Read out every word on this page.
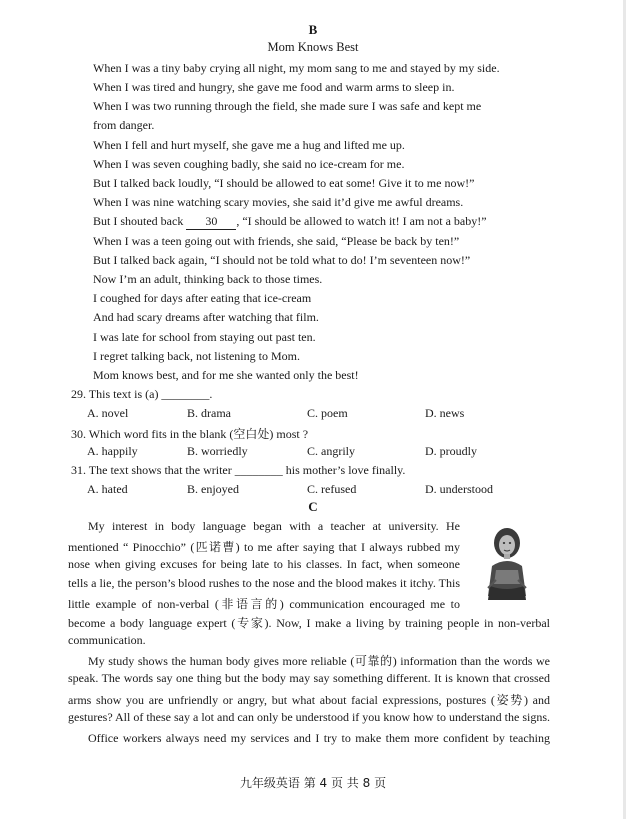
B
Mom Knows Best
When I was a tiny baby crying all night, my mom sang to me and stayed by my side.
When I was tired and hungry, she gave me food and warm arms to sleep in.
When I was two running through the field, she made sure I was safe and kept me
from danger.
When I fell and hurt myself, she gave me a hug and lifted me up.
When I was seven coughing badly, she said no ice-cream for me.
But I talked back loudly, “I should be allowed to eat some! Give it to me now!”
When I was nine watching scary movies, she said it’d give me awful dreams.
But I shouted back 30 , “I should be allowed to watch it! I am not a baby!”
When I was a teen going out with friends, she said, “Please be back by ten!”
But I talked back again, “I should not be told what to do! I’m seventeen now!”
Now I’m an adult, thinking back to those times.
I coughed for days after eating that ice-cream
And had scary dreams after watching that film.
I was late for school from staying out past ten.
I regret talking back, not listening to Mom.
Mom knows best, and for me she wanted only the best!
29. This text is (a) ________.
A. novel	B. drama	C. poem	D. news
30. Which word fits in the blank (空白处) most ?
A. happily	B. worriedly	C. angrily	D. proudly
31. The text shows that the writer ________ his mother’s love finally.
A. hated	B. enjoyed	C. refused	D. understood
C
My interest in body language began with a teacher at university. He
mentioned “ Pinocchio” (匹诺曹) to me after saying that I always rubbed my
nose when giving excuses for being late to his classes. In fact, when someone
tells a lie, the person’s blood rushes to the nose and the blood makes it itchy. This
little example of non-verbal (非语言的) communication encouraged me to
become a body language expert (专家). Now, I make a living by training people in non-verbal
communication.
My study shows the human body gives more reliable (可靠的) information than the words we
speak. The words say one thing but the body may say something different. It is known that crossed
arms show you are unfriendly or angry, but what about facial expressions, postures (姿势) and
gestures? All of these say a lot and can only be understood if you know how to understand the signs.
Office workers always need my services and I try to make them more confident by teaching
九年级英语 第 4 页 共 8 页
